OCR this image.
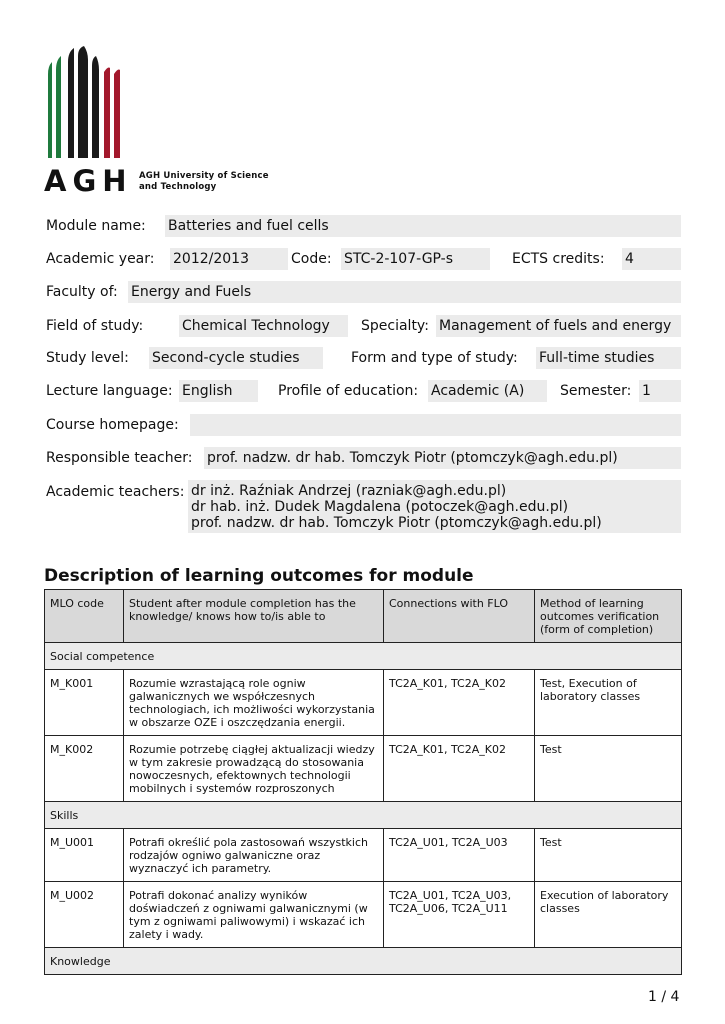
AGH AGH University of Science
and Technology
Module name: Batteries and fuel cells
Academic year: 2012/2013	Code: STC-2-107-GP-s	ECTS credits: 4
Faculty of: Energy and Fuels
Field of study:	Chemical Technology	Specialty: Management of fuels and energy
Study level: Second-cycle studies	Form and type of study: Full-time studies
Lecture language: English	Profile of education: Academic (A)	Semester: 1
Course homepage:
Responsible teacher: prof. nadzw. dr hab. Tomczyk Piotr (ptomczyk@agh.edu.pl)
Academic teachers: dr inż. Raźniak Andrzej (razniak@agh.edu.pl)
dr hab. inż. Dudek Magdalena (potoczek@agh.edu.pl)
prof. nadzw. dr hab. Tomczyk Piotr (ptomczyk@agh.edu.pl)
Description of learning outcomes for module
MLO code	Student after module completion has the knowledge/ knows how to/is able to	Connections with FLO	Method of learning outcomes verification (form of completion)
Social competence			
M_K001	Rozumie wzrastającą role ogniw galwanicznych we współczesnych technologiach, ich możliwości wykorzystania w obszarze OZE i oszczędzania energii.	TC2A_K01, TC2A_K02	Test, Execution of laboratory classes
M_K002	Rozumie potrzebę ciągłej aktualizacji wiedzy w tym zakresie prowadzącą do stosowania nowoczesnych, efektownych technologii mobilnych i systemów rozproszonych	TC2A_K01, TC2A_K02	Test
Skills			
M_U001	Potrafi określić pola zastosowań wszystkich rodzajów ogniwo galwaniczne oraz wyznaczyć ich parametry.	TC2A_U01, TC2A_U03	Test
M_U002	Potrafi dokonać analizy wyników doświadczeń z ogniwami galwanicznymi (w tym z ogniwami paliwowymi) i wskazać ich zalety i wady.	TC2A_U01, TC2A_U03, TC2A_U06, TC2A_U11	Execution of laboratory classes
Knowledge			
1 / 4
